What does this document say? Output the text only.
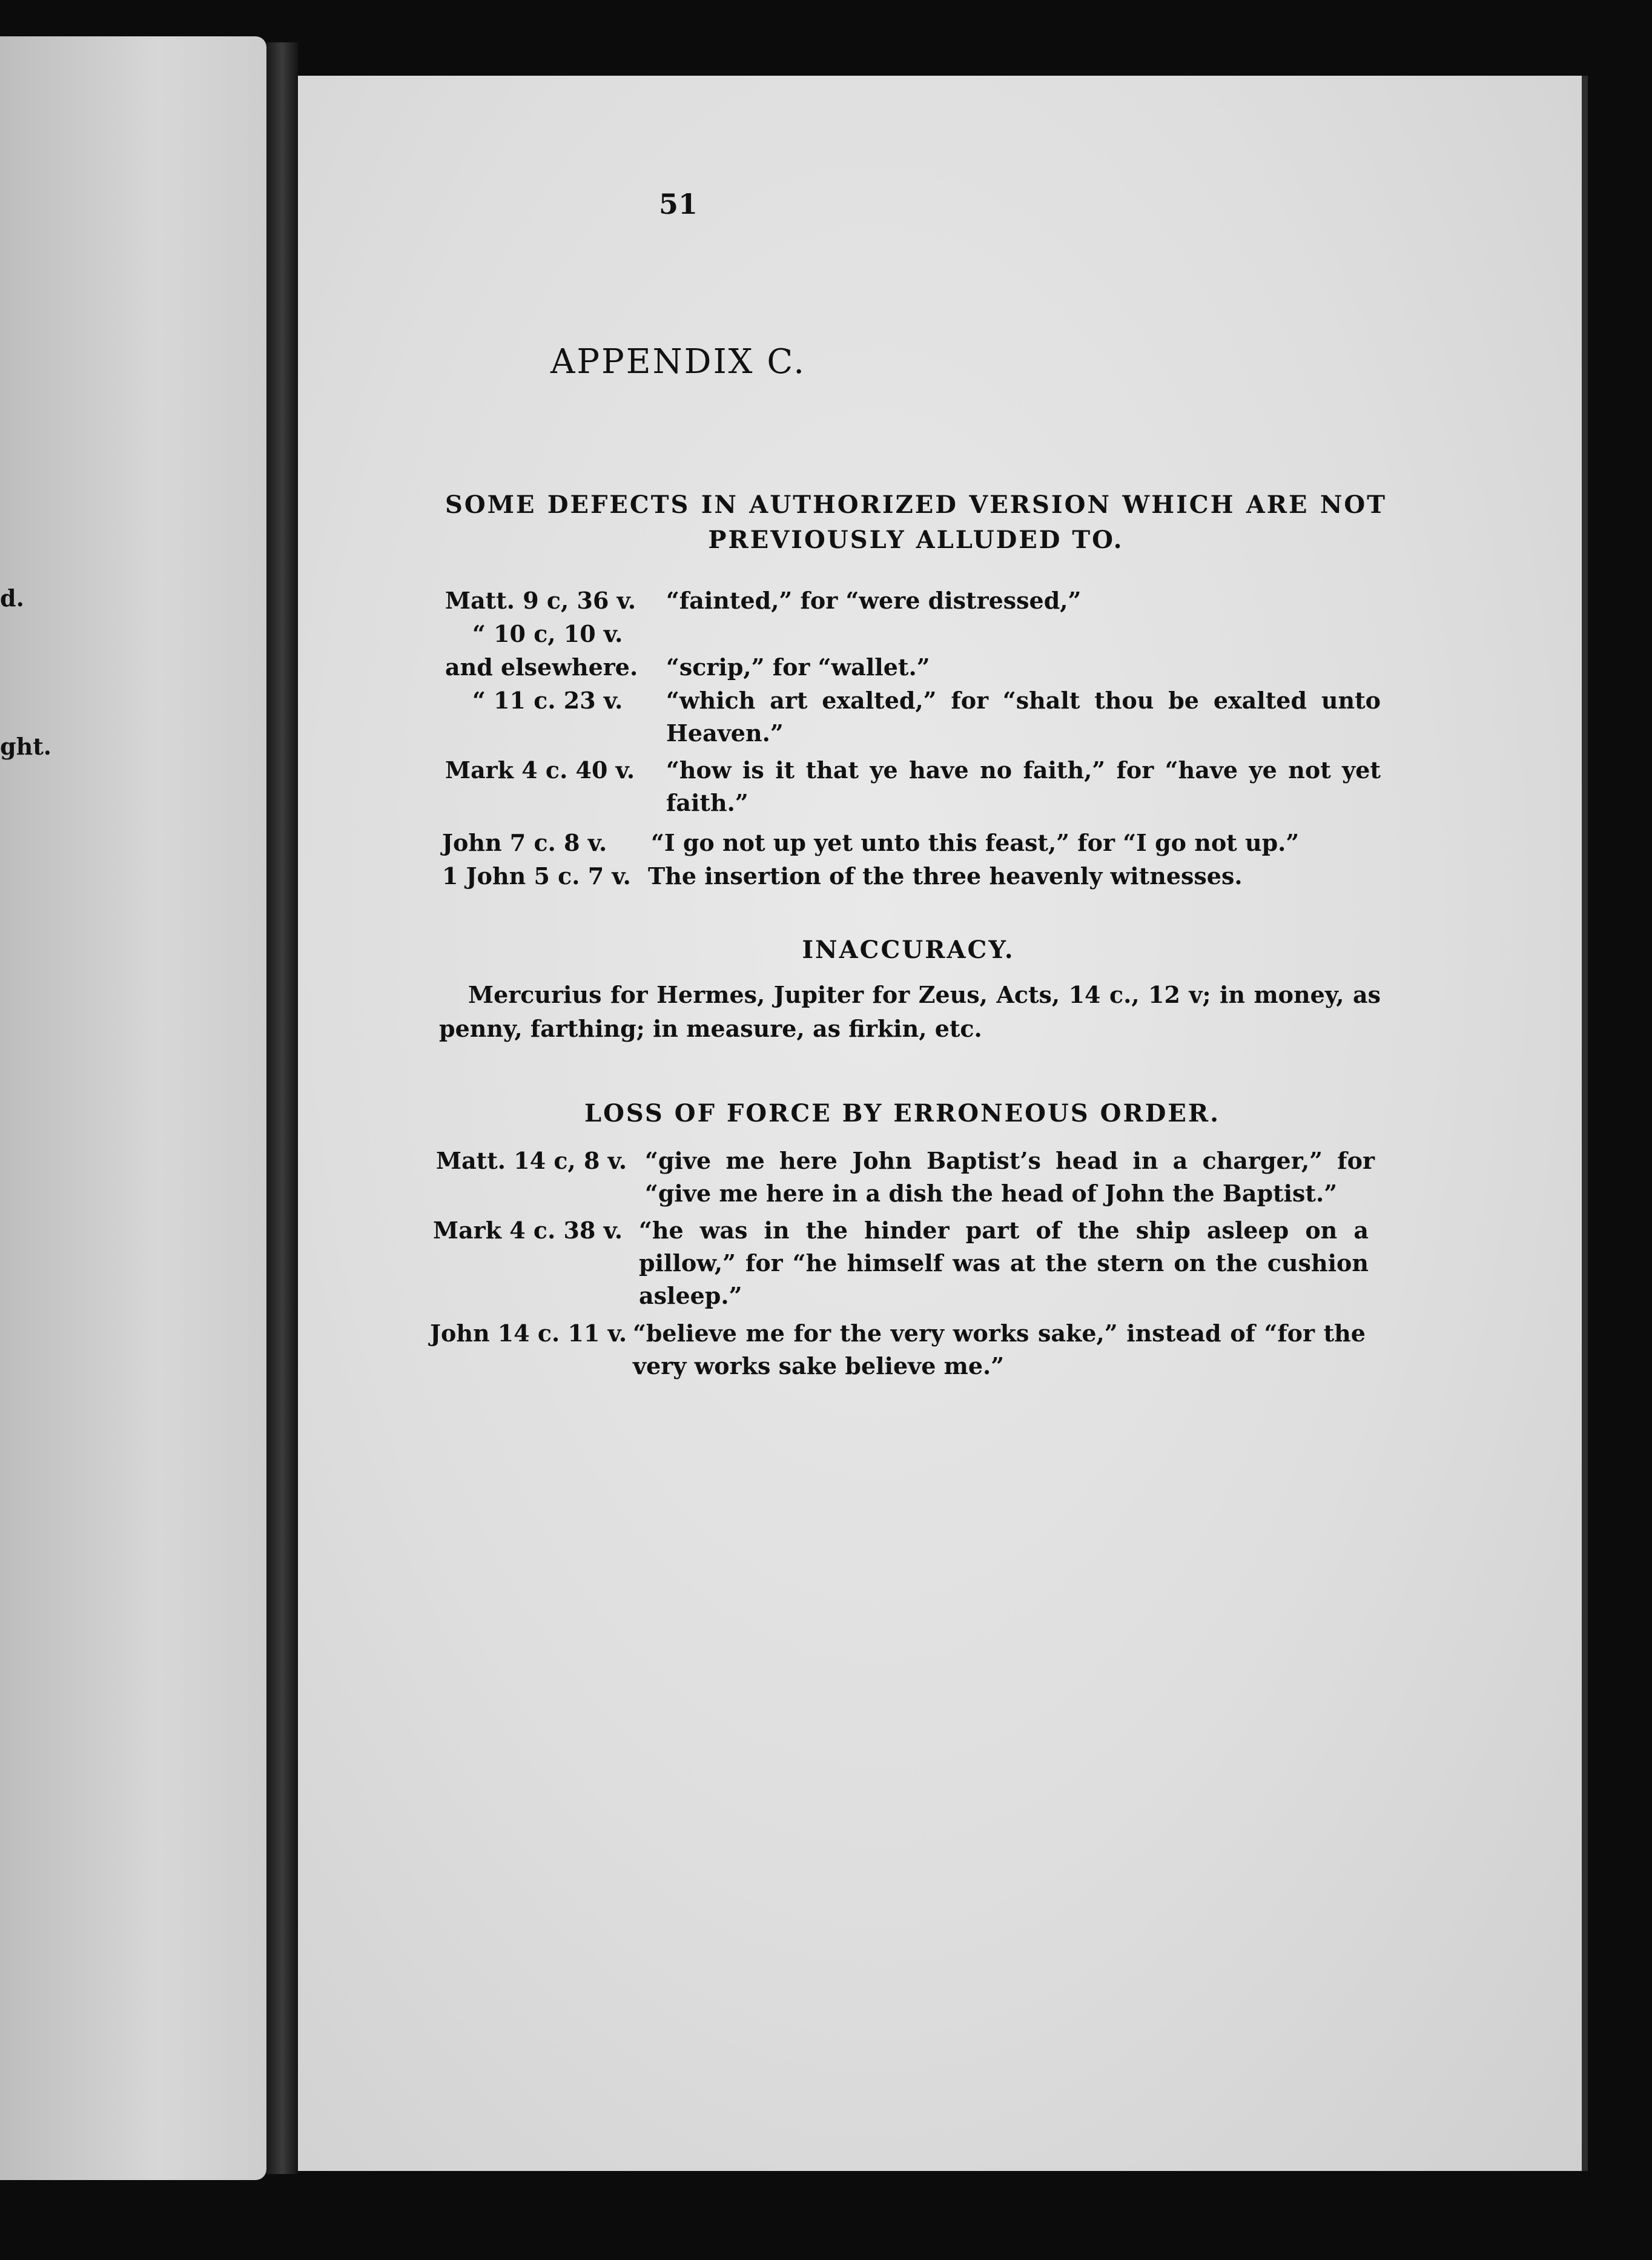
d.
ght.
51
APPENDIX C.
SOME DEFECTS IN AUTHORIZED VERSION WHICH ARE NOT
PREVIOUSLY ALLUDED TO.
Matt. 9 c, 36 v. “fainted,” for “were distressed,”
“ 10 c, 10 v.
and elsewhere. “scrip,” for “wallet.”
“ 11 c. 23 v. “which art exalted,” for “shalt thou be exalted unto Heaven.”
Mark 4 c. 40 v. “how is it that ye have no faith,” for “have ye not yet faith.”
John 7 c. 8 v. “I go not up yet unto this feast,” for “I go not up.”
1 John 5 c. 7 v. The insertion of the three heavenly witnesses.
INACCURACY.
Mercurius for Hermes, Jupiter for Zeus, Acts, 14 c., 12 v; in money, as penny, farthing; in measure, as firkin, etc.
LOSS OF FORCE BY ERRONEOUS ORDER.
Matt. 14 c, 8 v. “give me here John Baptist’s head in a charger,” for “give me here in a dish the head of John the Baptist.”
Mark 4 c. 38 v. “he was in the hinder part of the ship asleep on a pillow,” for “he himself was at the stern on the cushion asleep.”
John 14 c. 11 v. “believe me for the very works sake,” instead of “for the very works sake believe me.”
